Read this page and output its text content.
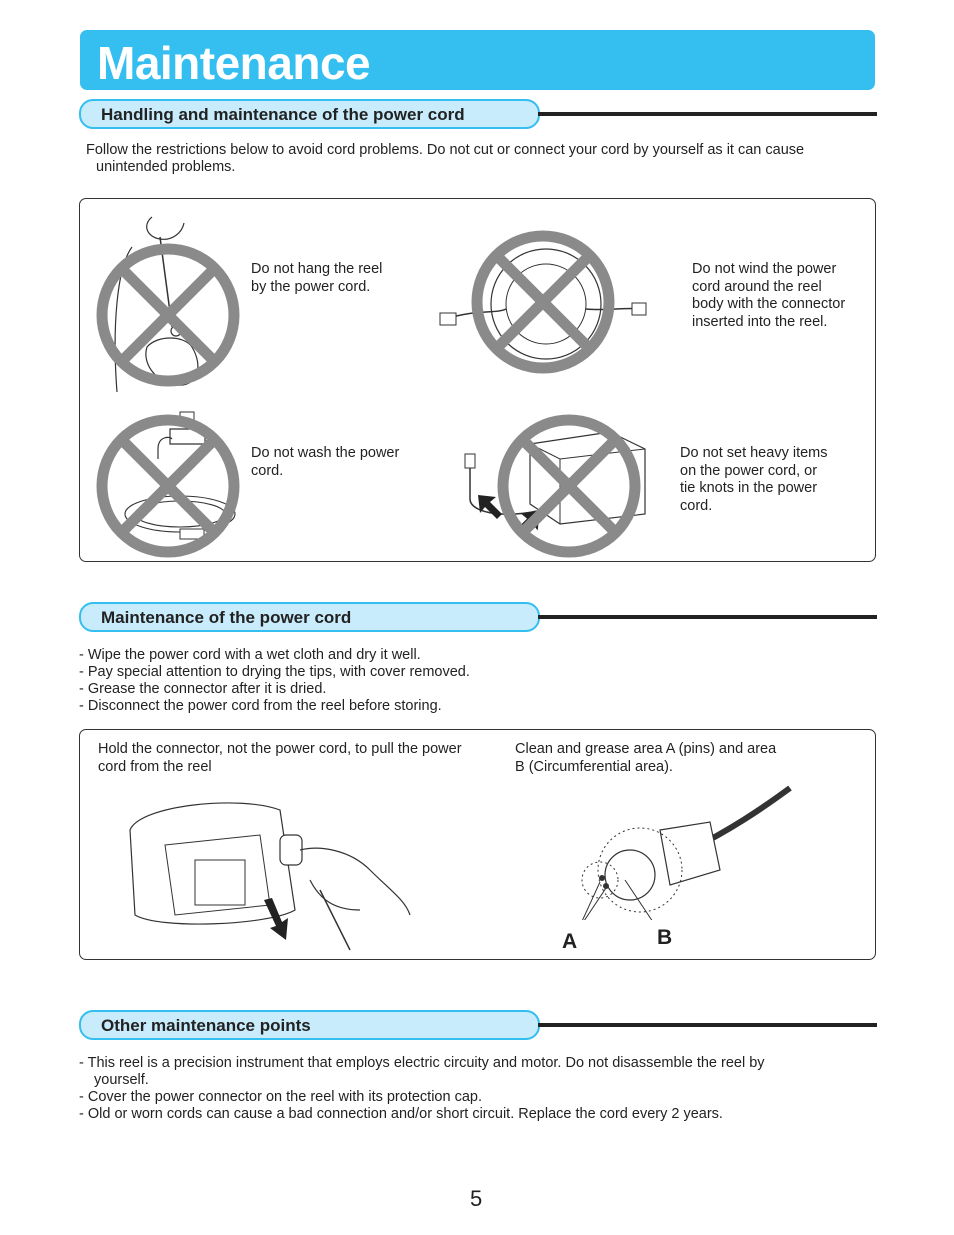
Maintenance
Handling and maintenance of the power cord
Follow the restrictions below to avoid cord problems. Do not cut or connect your cord by yourself as it can cause
unintended problems.
Do not hang the reel
by the power cord.
Do not wind the power
cord around the reel
body with the connector
inserted into the reel.
Do not wash the power
cord.
Do not set heavy items
on the power cord, or
tie knots in the power
cord.
Maintenance of the power cord
- Wipe the power cord with a wet cloth and dry it well.
- Pay special attention to drying the tips, with cover removed.
- Grease the connector after it is dried.
- Disconnect the power cord from the reel before storing.
Hold the connector, not the power cord, to pull the power
cord from the reel
Clean and grease area A (pins) and area
B (Circumferential area).
A	B
Other maintenance points
- This reel is a precision instrument that employs electric circuity and motor. Do not disassemble the reel by
yourself.
- Cover the power connector on the reel with its protection cap.
- Old or worn cords can cause a bad connection and/or short circuit. Replace the cord every 2 years.
5
